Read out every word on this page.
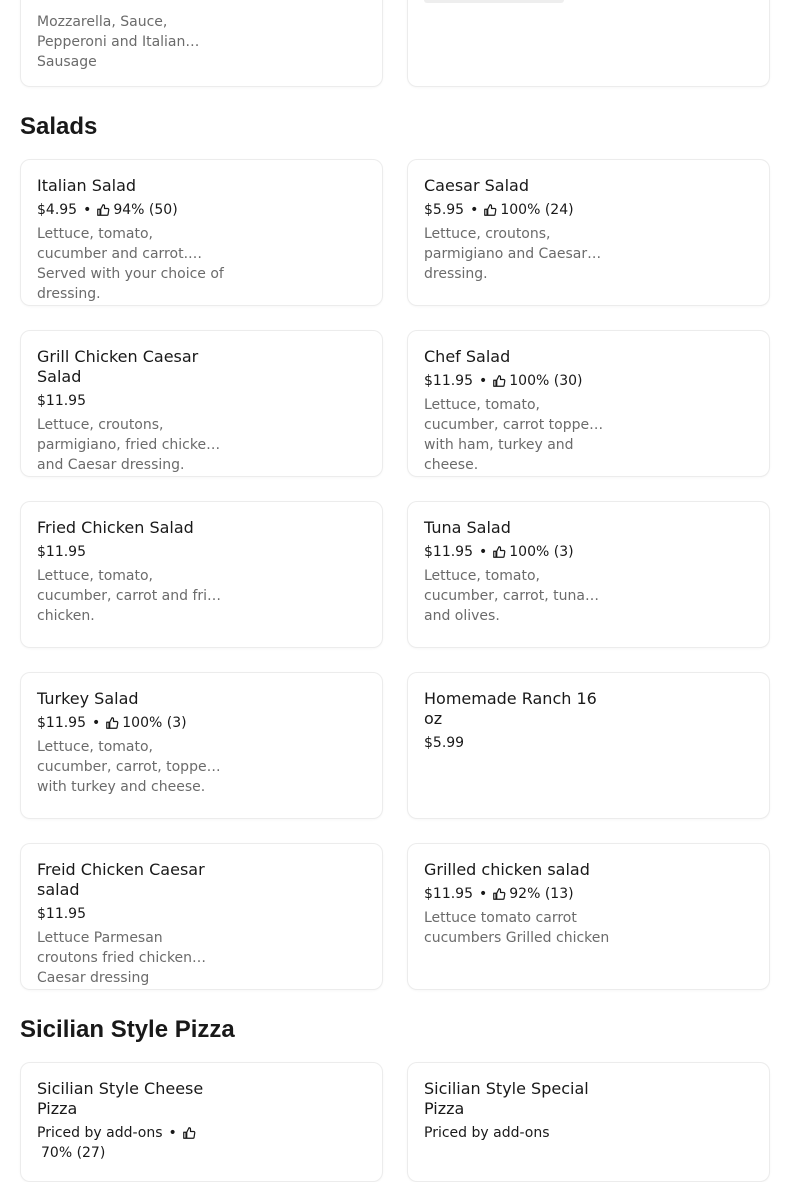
Mozzarella, Sauce, Pepperoni and Italian Sausage
Salads
Italian Salad
$4.95 • 94% (50)
Lettuce, tomato, cucumber and carrot. Served with your choice of dressing.
Caesar Salad
$5.95 • 100% (24)
Lettuce, croutons, parmigiano and Caesar dressing.
Grill Chicken Caesar Salad
$11.95
Lettuce, croutons, parmigiano, fried chicken and Caesar dressing.
Chef Salad
$11.95 • 100% (30)
Lettuce, tomato, cucumber, carrot topped with ham, turkey and cheese.
Fried Chicken Salad
$11.95
Lettuce, tomato, cucumber, carrot and fried chicken.
Tuna Salad
$11.95 • 100% (3)
Lettuce, tomato, cucumber, carrot, tuna and olives.
Turkey Salad
$11.95 • 100% (3)
Lettuce, tomato, cucumber, carrot, topped with turkey and cheese.
Homemade Ranch 16 oz
$5.99
Freid Chicken Caesar salad
$11.95
Lettuce Parmesan croutons fried chicken Caesar dressing
Grilled chicken salad
$11.95 • 92% (13)
Lettuce tomato carrot cucumbers Grilled chicken
Sicilian Style Pizza
Sicilian Style Cheese Pizza
Priced by add-ons •
70% (27)
Sicilian Style Special Pizza
Priced by add-ons
